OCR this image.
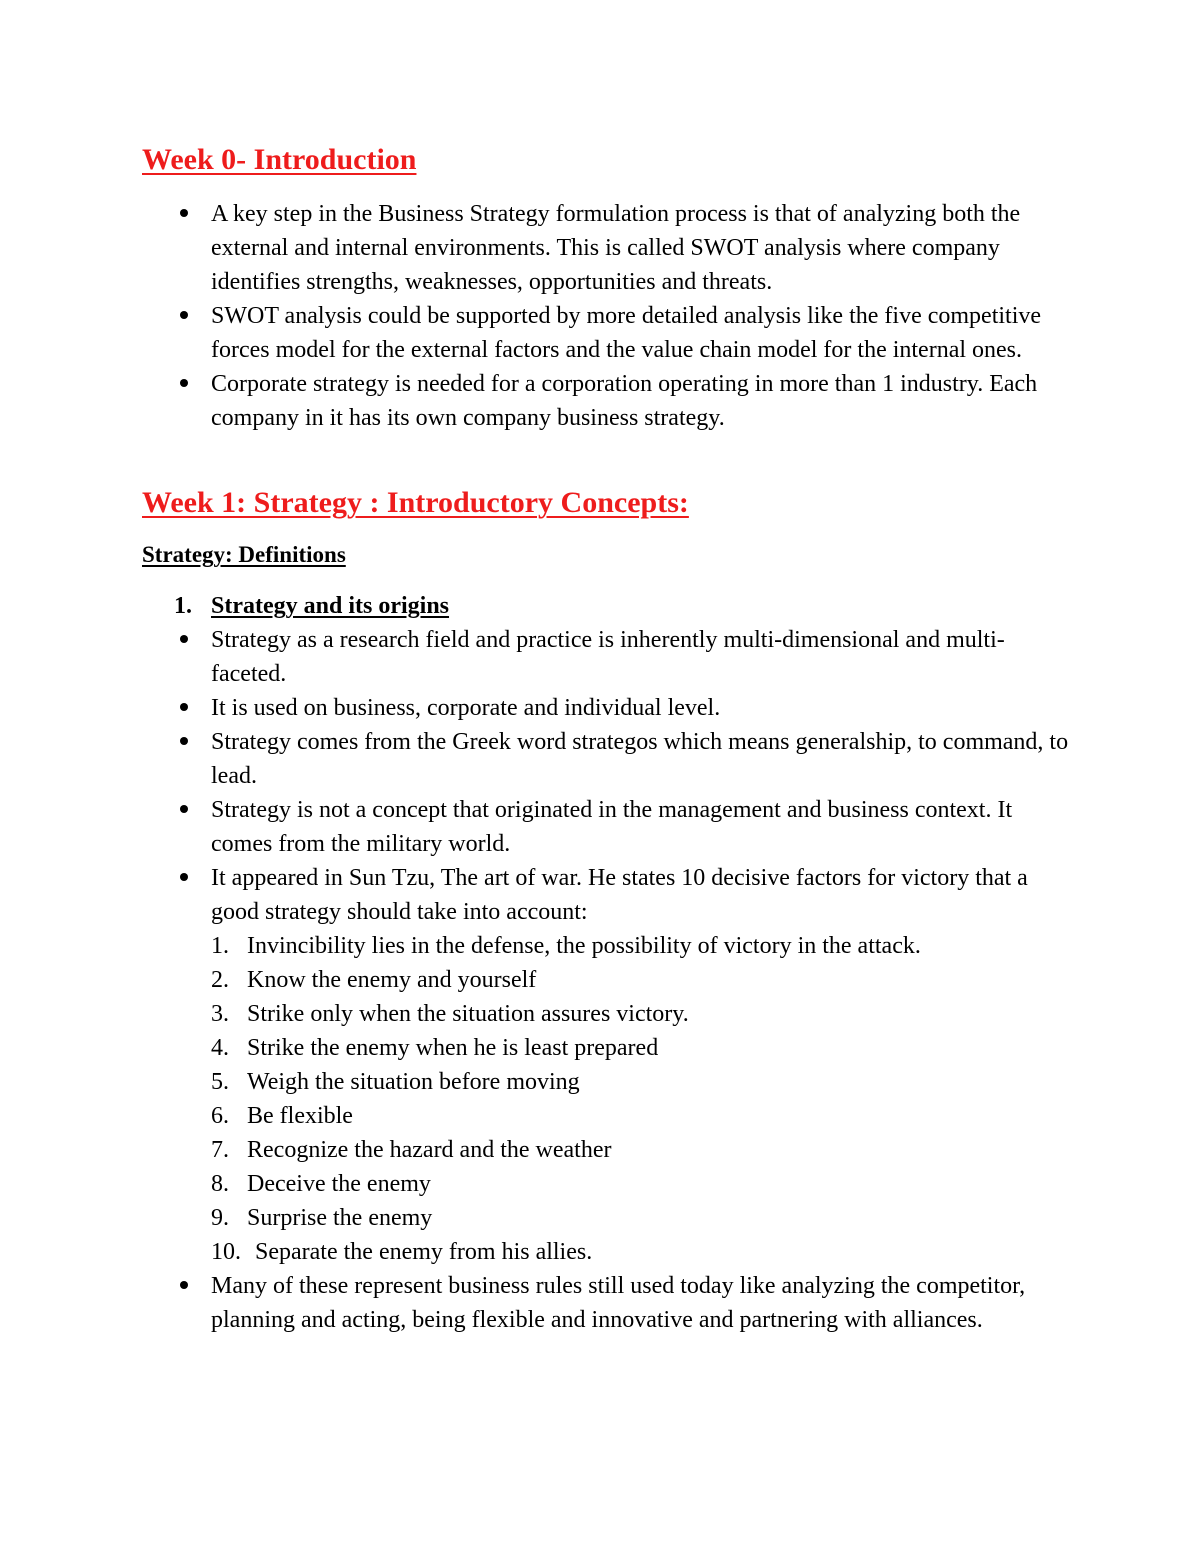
Week 0- Introduction
A key step in the Business Strategy formulation process is that of analyzing both the external and internal environments. This is called SWOT analysis where company identifies strengths, weaknesses, opportunities and threats.
SWOT analysis could be supported by more detailed analysis like the five competitive forces model for the external factors and the value chain model for the internal ones.
Corporate strategy is needed for a corporation operating in more than 1 industry. Each company in it has its own company business strategy.
Week 1: Strategy : Introductory Concepts:
Strategy: Definitions
1. Strategy and its origins
Strategy as a research field and practice is inherently multi-dimensional and multi-faceted.
It is used on business, corporate and individual level.
Strategy comes from the Greek word strategos which means generalship, to command, to lead.
Strategy is not a concept that originated in the management and business context. It comes from the military world.
It appeared in Sun Tzu, The art of war. He states 10 decisive factors for victory that a good strategy should take into account:
1. Invincibility lies in the defense, the possibility of victory in the attack.
2. Know the enemy and yourself
3. Strike only when the situation assures victory.
4. Strike the enemy when he is least prepared
5. Weigh the situation before moving
6. Be flexible
7. Recognize the hazard and the weather
8. Deceive the enemy
9. Surprise the enemy
10. Separate the enemy from his allies.
Many of these represent business rules still used today like analyzing the competitor, planning and acting, being flexible and innovative and partnering with alliances.
